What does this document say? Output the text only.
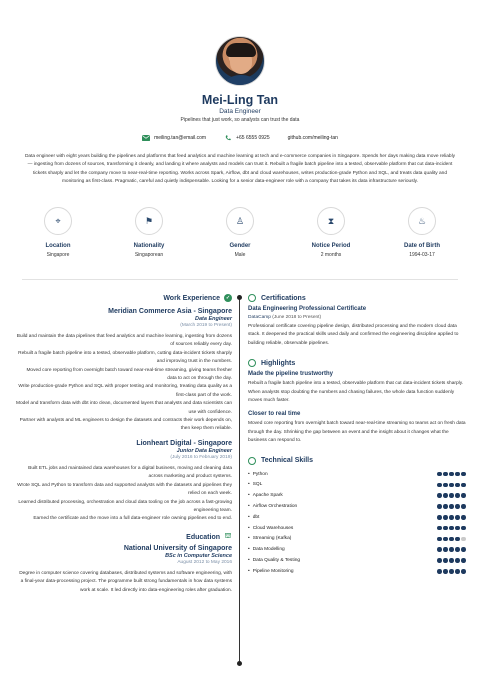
Mei-Ling Tan
Data Engineer
Pipelines that just work, so analysts can trust the data
meiling.tan@email.com	+65 6555 0925	github.com/meiling-tan
Data engineer with eight years building the pipelines and platforms that feed analytics and machine learning at tech and e-commerce companies in Singapore. Spends her days making data move reliably — ingesting from dozens of sources, transforming it cleanly, and landing it where analysts and models can trust it. Rebuilt a fragile batch pipeline into a tested, observable platform that cut data-incident tickets sharply and let the company move to near-real-time reporting. Works across Spark, Airflow, dbt and cloud warehouses, writes production-grade Python and SQL, and treats data quality and monitoring as first-class. Pragmatic, careful and quietly indispensable. Looking for a senior data-engineer role with a company that takes its data infrastructure seriously.
⌖
Location
Singapore
⚑
Nationality
Singaporean
♙
Gender
Male
⧗
Notice Period
2 months
♨
Date of Birth
1994-03-17
Work Experience ✓
Meridian Commerce Asia - Singapore
Data Engineer
(March 2019 to Present)
Build and maintain the data pipelines that feed analytics and machine learning, ingesting from dozens of sources reliably every day.
Rebuilt a fragile batch pipeline into a tested, observable platform, cutting data-incident tickets sharply and improving trust in the numbers.
Moved core reporting from overnight batch toward near-real-time streaming, giving teams fresher data to act on through the day.
Write production-grade Python and SQL with proper testing and monitoring, treating data quality as a first-class part of the work.
Model and transform data with dbt into clean, documented layers that analysts and data scientists can use with confidence.
Partner with analysts and ML engineers to design the datasets and contracts their work depends on, then keep them reliable.
Lionheart Digital - Singapore
Junior Data Engineer
(July 2016 to February 2019)
Built ETL jobs and maintained data warehouses for a digital business, moving and cleaning data across marketing and product systems.
Wrote SQL and Python to transform data and supported analysts with the datasets and pipelines they relied on each week.
Learned distributed processing, orchestration and cloud data tooling on the job across a fast-growing engineering team.
Earned the certificate and the move into a full data-engineer role owning pipelines end to end.
Education ⛫
National University of Singapore
BSc in Computer Science
August 2012 to May 2016
Degree in computer science covering databases, distributed systems and software engineering, with a final-year data-processing project. The programme built strong fundamentals in how data systems work at scale. It led directly into data-engineering roles after graduation.
Certifications
Data Engineering Professional Certificate
DataCamp (June 2018 to Present)
Professional certificate covering pipeline design, distributed processing and the modern cloud data stack. It deepened the practical skills used daily and confirmed the engineering discipline applied to building reliable, observable pipelines.
Highlights
Made the pipeline trustworthy
Rebuilt a fragile batch pipeline into a tested, observable platform that cut data-incident tickets sharply. When analysts stop doubting the numbers and chasing failures, the whole data function suddenly moves much faster.
Closer to real time
Moved core reporting from overnight batch toward near-real-time streaming so teams act on fresh data through the day. Shrinking the gap between an event and the insight about it changes what the business can respond to.
Technical Skills
• Python
• SQL
• Apache Spark
• Airflow Orchestration
• dbt
• Cloud Warehouses
• Streaming (Kafka)
• Data Modelling
• Data Quality & Testing
• Pipeline Monitoring
